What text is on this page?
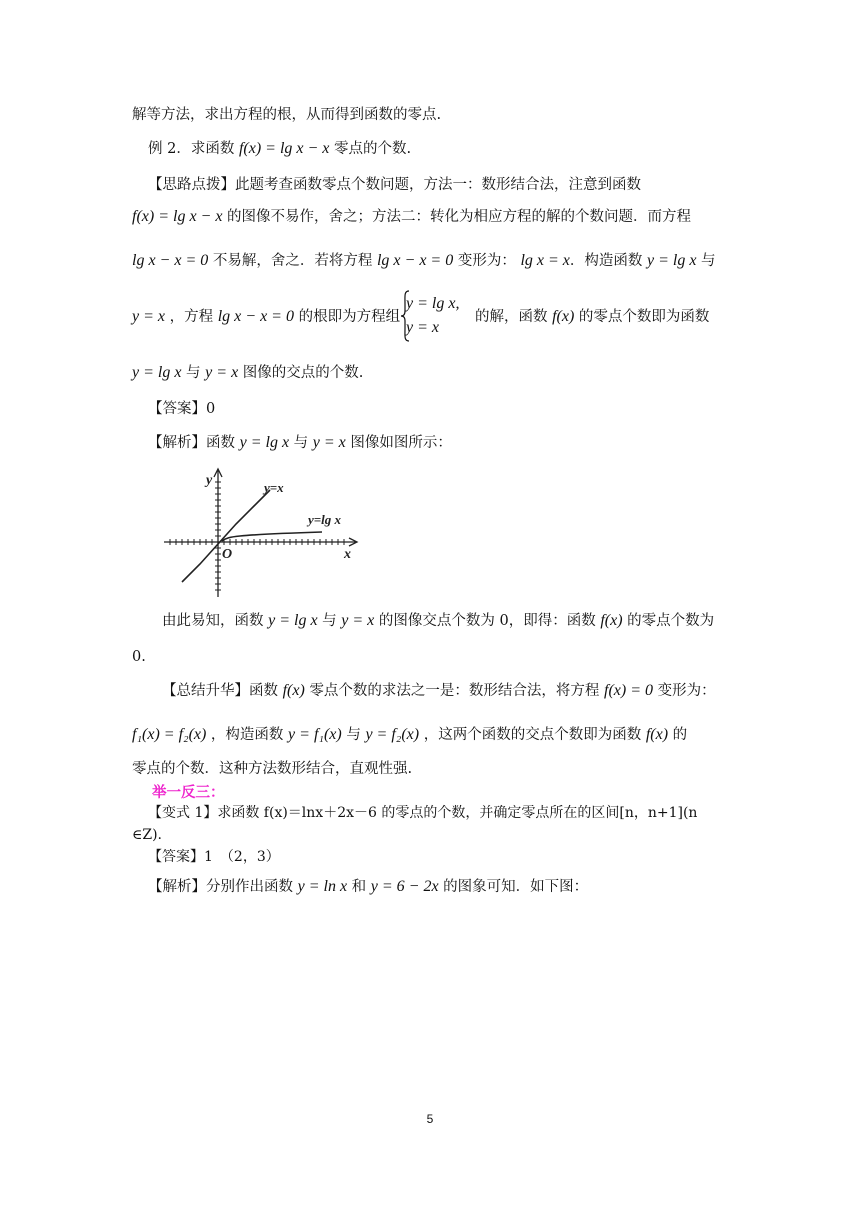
解等方法，求出方程的根，从而得到函数的零点.
例 2．求函数 f(x) = lg x − x 零点的个数.
【思路点拨】此题考查函数零点个数问题，方法一：数形结合法，注意到函数
f(x) = lg x − x 的图像不易作，舍之；方法二：转化为相应方程的解的个数问题．而方程
lg x − x = 0 不易解，舍之．若将方程 lg x − x = 0 变形为： lg x = x．构造函数 y = lg x 与
y = x ，方程 lg x − x = 0 的根即为方程组
y = lg x,
y = x
的解，函数 f(x) 的零点个数即为函数
y = lg x 与 y = x 图像的交点的个数.
【答案】0
【解析】函数 y = lg x 与 y = x 图像如图所示：
y
x
O
y=x
y=lg x
由此易知，函数 y = lg x 与 y = x 的图像交点个数为 0，即得：函数 f(x) 的零点个数为
0.
【总结升华】函数 f(x) 零点个数的求法之一是：数形结合法，将方程 f(x) = 0 变形为：
f₁(x) = f₂(x) ，构造函数 y = f₁(x) 与 y = f₂(x) ，这两个函数的交点个数即为函数 f(x) 的
零点的个数．这种方法数形结合，直观性强.
举一反三：
【变式 1】求函数 f(x)＝lnx＋2x－6 的零点的个数，并确定零点所在的区间[n，n+1](n
∈Z).
【答案】1　（2，3）
【解析】分别作出函数 y = ln x 和 y = 6 − 2x 的图象可知．如下图：
5
